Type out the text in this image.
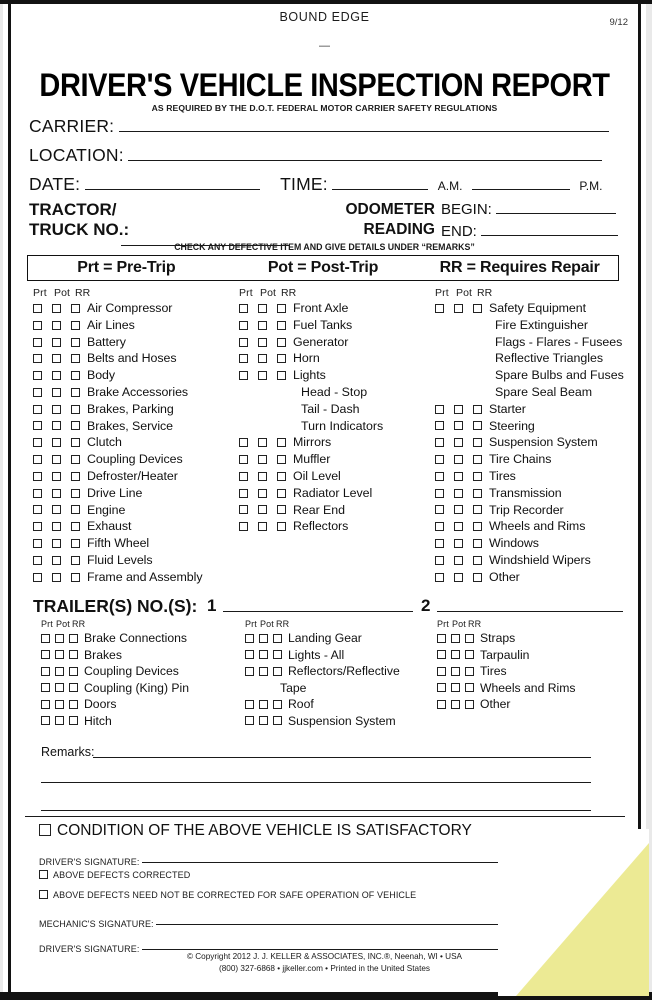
BOUND EDGE	9/12
—
DRIVER'S VEHICLE INSPECTION REPORT
AS REQUIRED BY THE D.O.T. FEDERAL MOTOR CARRIER SAFETY REGULATIONS
CARRIER:
LOCATION:
DATE:	TIME:	A.M.	P.M.
TRACTOR/
TRUCK NO.:
ODOMETER
READING
BEGIN:
END:
CHECK ANY DEFECTIVE ITEM AND GIVE DETAILS UNDER “REMARKS”
Prt = Pre-Trip	Pot = Post-Trip	RR = Requires Repair
Prt Pot RR
Air Compressor
Air Lines
Battery
Belts and Hoses
Body
Brake Accessories
Brakes, Parking
Brakes, Service
Clutch
Coupling Devices
Defroster/Heater
Drive Line
Engine
Exhaust
Fifth Wheel
Fluid Levels
Frame and Assembly
Prt Pot RR
Front Axle
Fuel Tanks
Generator
Horn
Lights
Head - Stop
Tail - Dash
Turn Indicators
Mirrors
Muffler
Oil Level
Radiator Level
Rear End
Reflectors
Prt Pot RR
Safety Equipment
Fire Extinguisher
Flags - Flares - Fusees
Reflective Triangles
Spare Bulbs and Fuses
Spare Seal Beam
Starter
Steering
Suspension System
Tire Chains
Tires
Transmission
Trip Recorder
Wheels and Rims
Windows
Windshield Wipers
Other
TRAILER(S) NO.(S): 1	2
Prt Pot RR
Brake Connections
Brakes
Coupling Devices
Coupling (King) Pin
Doors
Hitch
Prt Pot RR
Landing Gear
Lights - All
Reflectors/Reflective
Tape
Roof
Suspension System
Prt Pot RR
Straps
Tarpaulin
Tires
Wheels and Rims
Other
Remarks:
CONDITION OF THE ABOVE VEHICLE IS SATISFACTORY
DRIVER'S SIGNATURE:
ABOVE DEFECTS CORRECTED
ABOVE DEFECTS NEED NOT BE CORRECTED FOR SAFE OPERATION OF VEHICLE
MECHANIC'S SIGNATURE:
DRIVER'S SIGNATURE:
© Copyright 2012 J. J. KELLER & ASSOCIATES, INC.®, Neenah, WI • USA
(800) 327-6868 • jjkeller.com • Printed in the United States
